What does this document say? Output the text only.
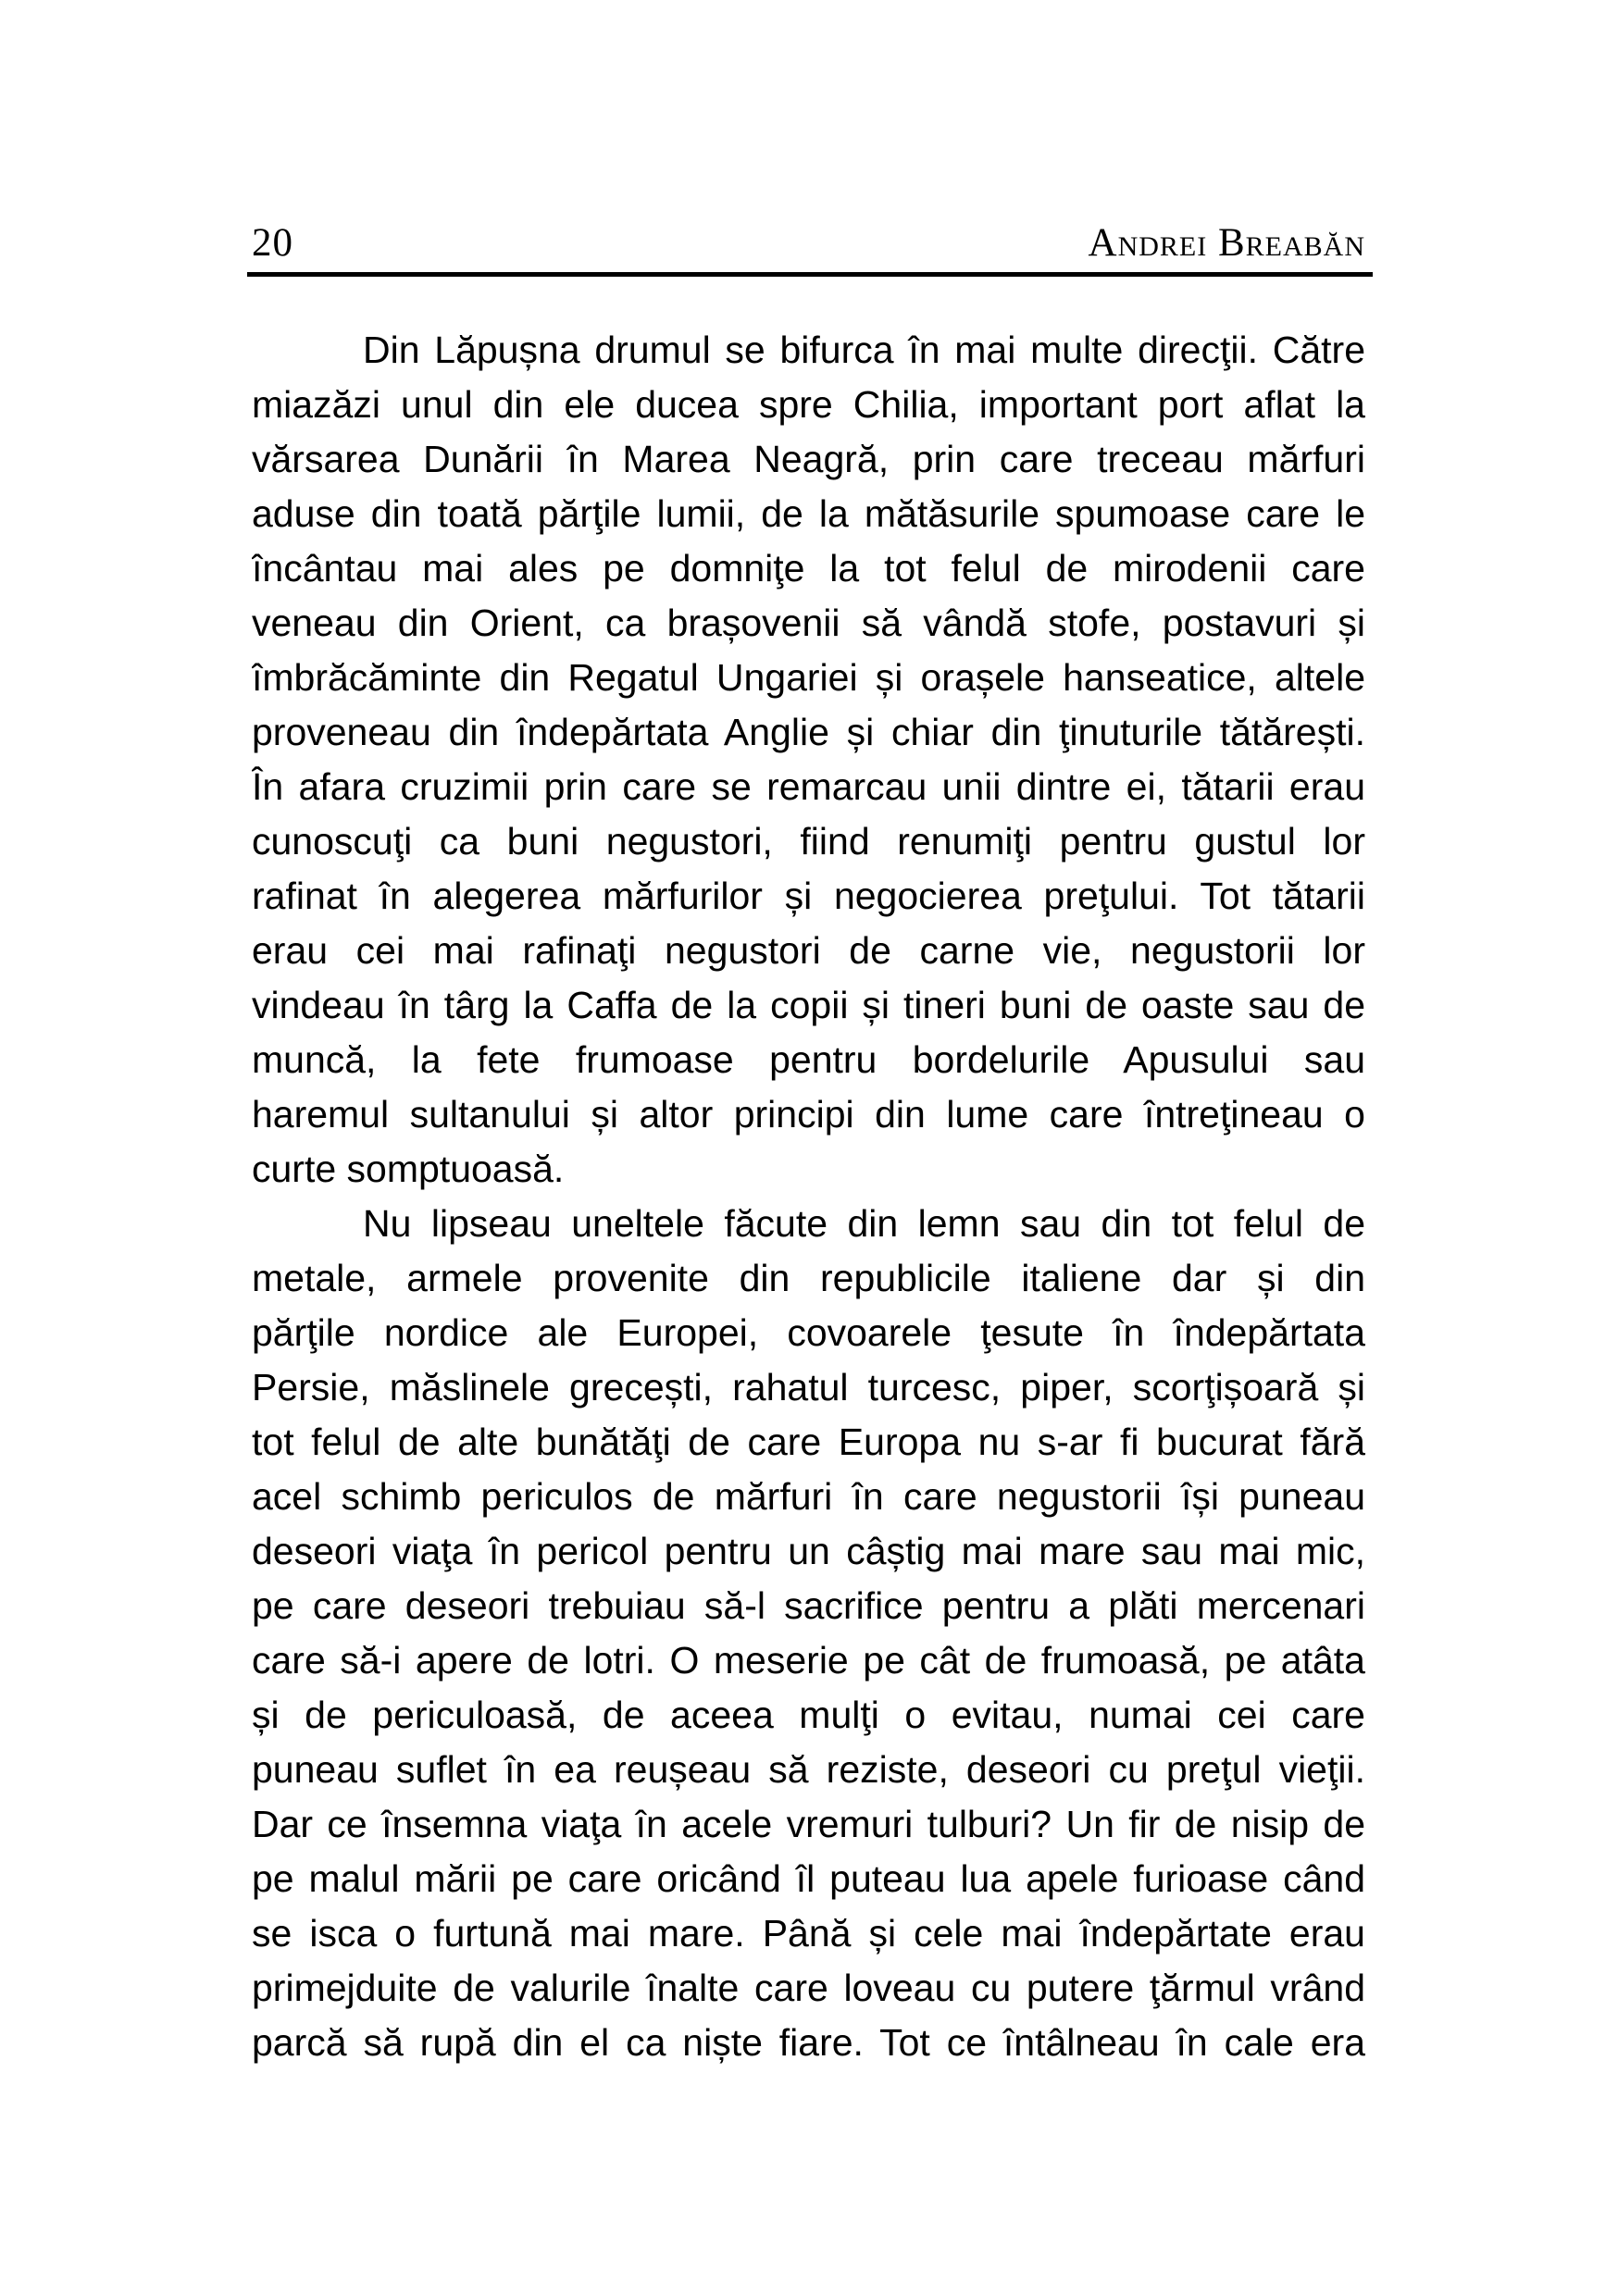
20	Andrei Breabăn
Din Lăpușna drumul se bifurca în mai multe direcţii. Către
miazăzi unul din ele ducea spre Chilia, important port aflat la
vărsarea Dunării în Marea Neagră, prin care treceau mărfuri
aduse din toată părţile lumii, de la mătăsurile spumoase care le
încântau mai ales pe domniţe la tot felul de mirodenii care
veneau din Orient, ca brașovenii să vândă stofe, postavuri și
îmbrăcăminte din Regatul Ungariei și orașele hanseatice, altele
proveneau din îndepărtata Anglie și chiar din ţinuturile tătărești.
În afara cruzimii prin care se remarcau unii dintre ei, tătarii erau
cunoscuţi ca buni negustori, fiind renumiţi pentru gustul lor
rafinat în alegerea mărfurilor și negocierea preţului. Tot tătarii
erau cei mai rafinaţi negustori de carne vie, negustorii lor
vindeau în târg la Caffa de la copii și tineri buni de oaste sau de
muncă, la fete frumoase pentru bordelurile Apusului sau
haremul sultanului și altor principi din lume care întreţineau o
curte somptuoasă.
Nu lipseau uneltele făcute din lemn sau din tot felul de
metale, armele provenite din republicile italiene dar și din
părţile nordice ale Europei, covoarele ţesute în îndepărtata
Persie, măslinele grecești, rahatul turcesc, piper, scorţișoară și
tot felul de alte bunătăţi de care Europa nu s-ar fi bucurat fără
acel schimb periculos de mărfuri în care negustorii își puneau
deseori viaţa în pericol pentru un câștig mai mare sau mai mic,
pe care deseori trebuiau să-l sacrifice pentru a plăti mercenari
care să-i apere de lotri. O meserie pe cât de frumoasă, pe atâta
și de periculoasă, de aceea mulţi o evitau, numai cei care
puneau suflet în ea reușeau să reziste, deseori cu preţul vieţii.
Dar ce însemna viaţa în acele vremuri tulburi? Un fir de nisip de
pe malul mării pe care oricând îl puteau lua apele furioase când
se isca o furtună mai mare. Până și cele mai îndepărtate erau
primejduite de valurile înalte care loveau cu putere ţărmul vrând
parcă să rupă din el ca niște fiare. Tot ce întâlneau în cale era
